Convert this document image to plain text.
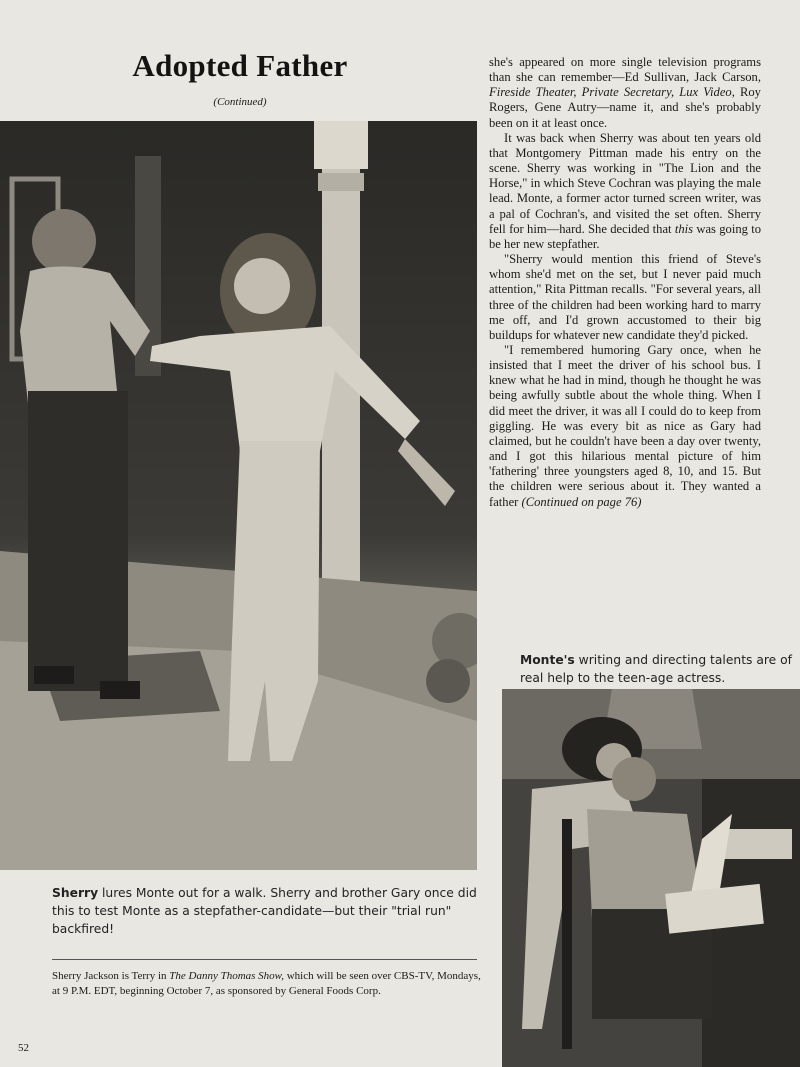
Adopted Father
(Continued)
Sherry lures Monte out for a walk. Sherry and brother Gary once did this to test Monte as a stepfather-candidate—but their "trial run" backfired!
Sherry Jackson is Terry in The Danny Thomas Show, which will be seen over CBS-TV, Mondays, at 9 P.M. EDT, beginning October 7, as sponsored by General Foods Corp.
52

she's appeared on more single television programs than she can remember—Ed Sullivan, Jack Carson, Fireside Theater, Private Secretary, Lux Video, Roy Rogers, Gene Autry—name it, and she's probably been on it at least once.

It was back when Sherry was about ten years old that Montgomery Pittman made his entry on the scene. Sherry was working in "The Lion and the Horse," in which Steve Cochran was playing the male lead. Monte, a former actor turned screen writer, was a pal of Cochran's, and visited the set often. Sherry fell for him—hard. She decided that this was going to be her new stepfather.

"Sherry would mention this friend of Steve's whom she'd met on the set, but I never paid much attention," Rita Pittman recalls. "For several years, all three of the children had been working hard to marry me off, and I'd grown accustomed to their big buildups for whatever new candidate they'd picked.

"I remembered humoring Gary once, when he insisted that I meet the driver of his school bus. I knew what he had in mind, though he thought he was being awfully subtle about the whole thing. When I did meet the driver, it was all I could do to keep from giggling. He was every bit as nice as Gary had claimed, but he couldn't have been a day over twenty, and I got this hilarious mental picture of him 'fathering' three youngsters aged 8, 10, and 15. But the children were serious about it. They wanted a father (Continued on page 76)

Monte's writing and directing talents are of real help to the teen-age actress.
